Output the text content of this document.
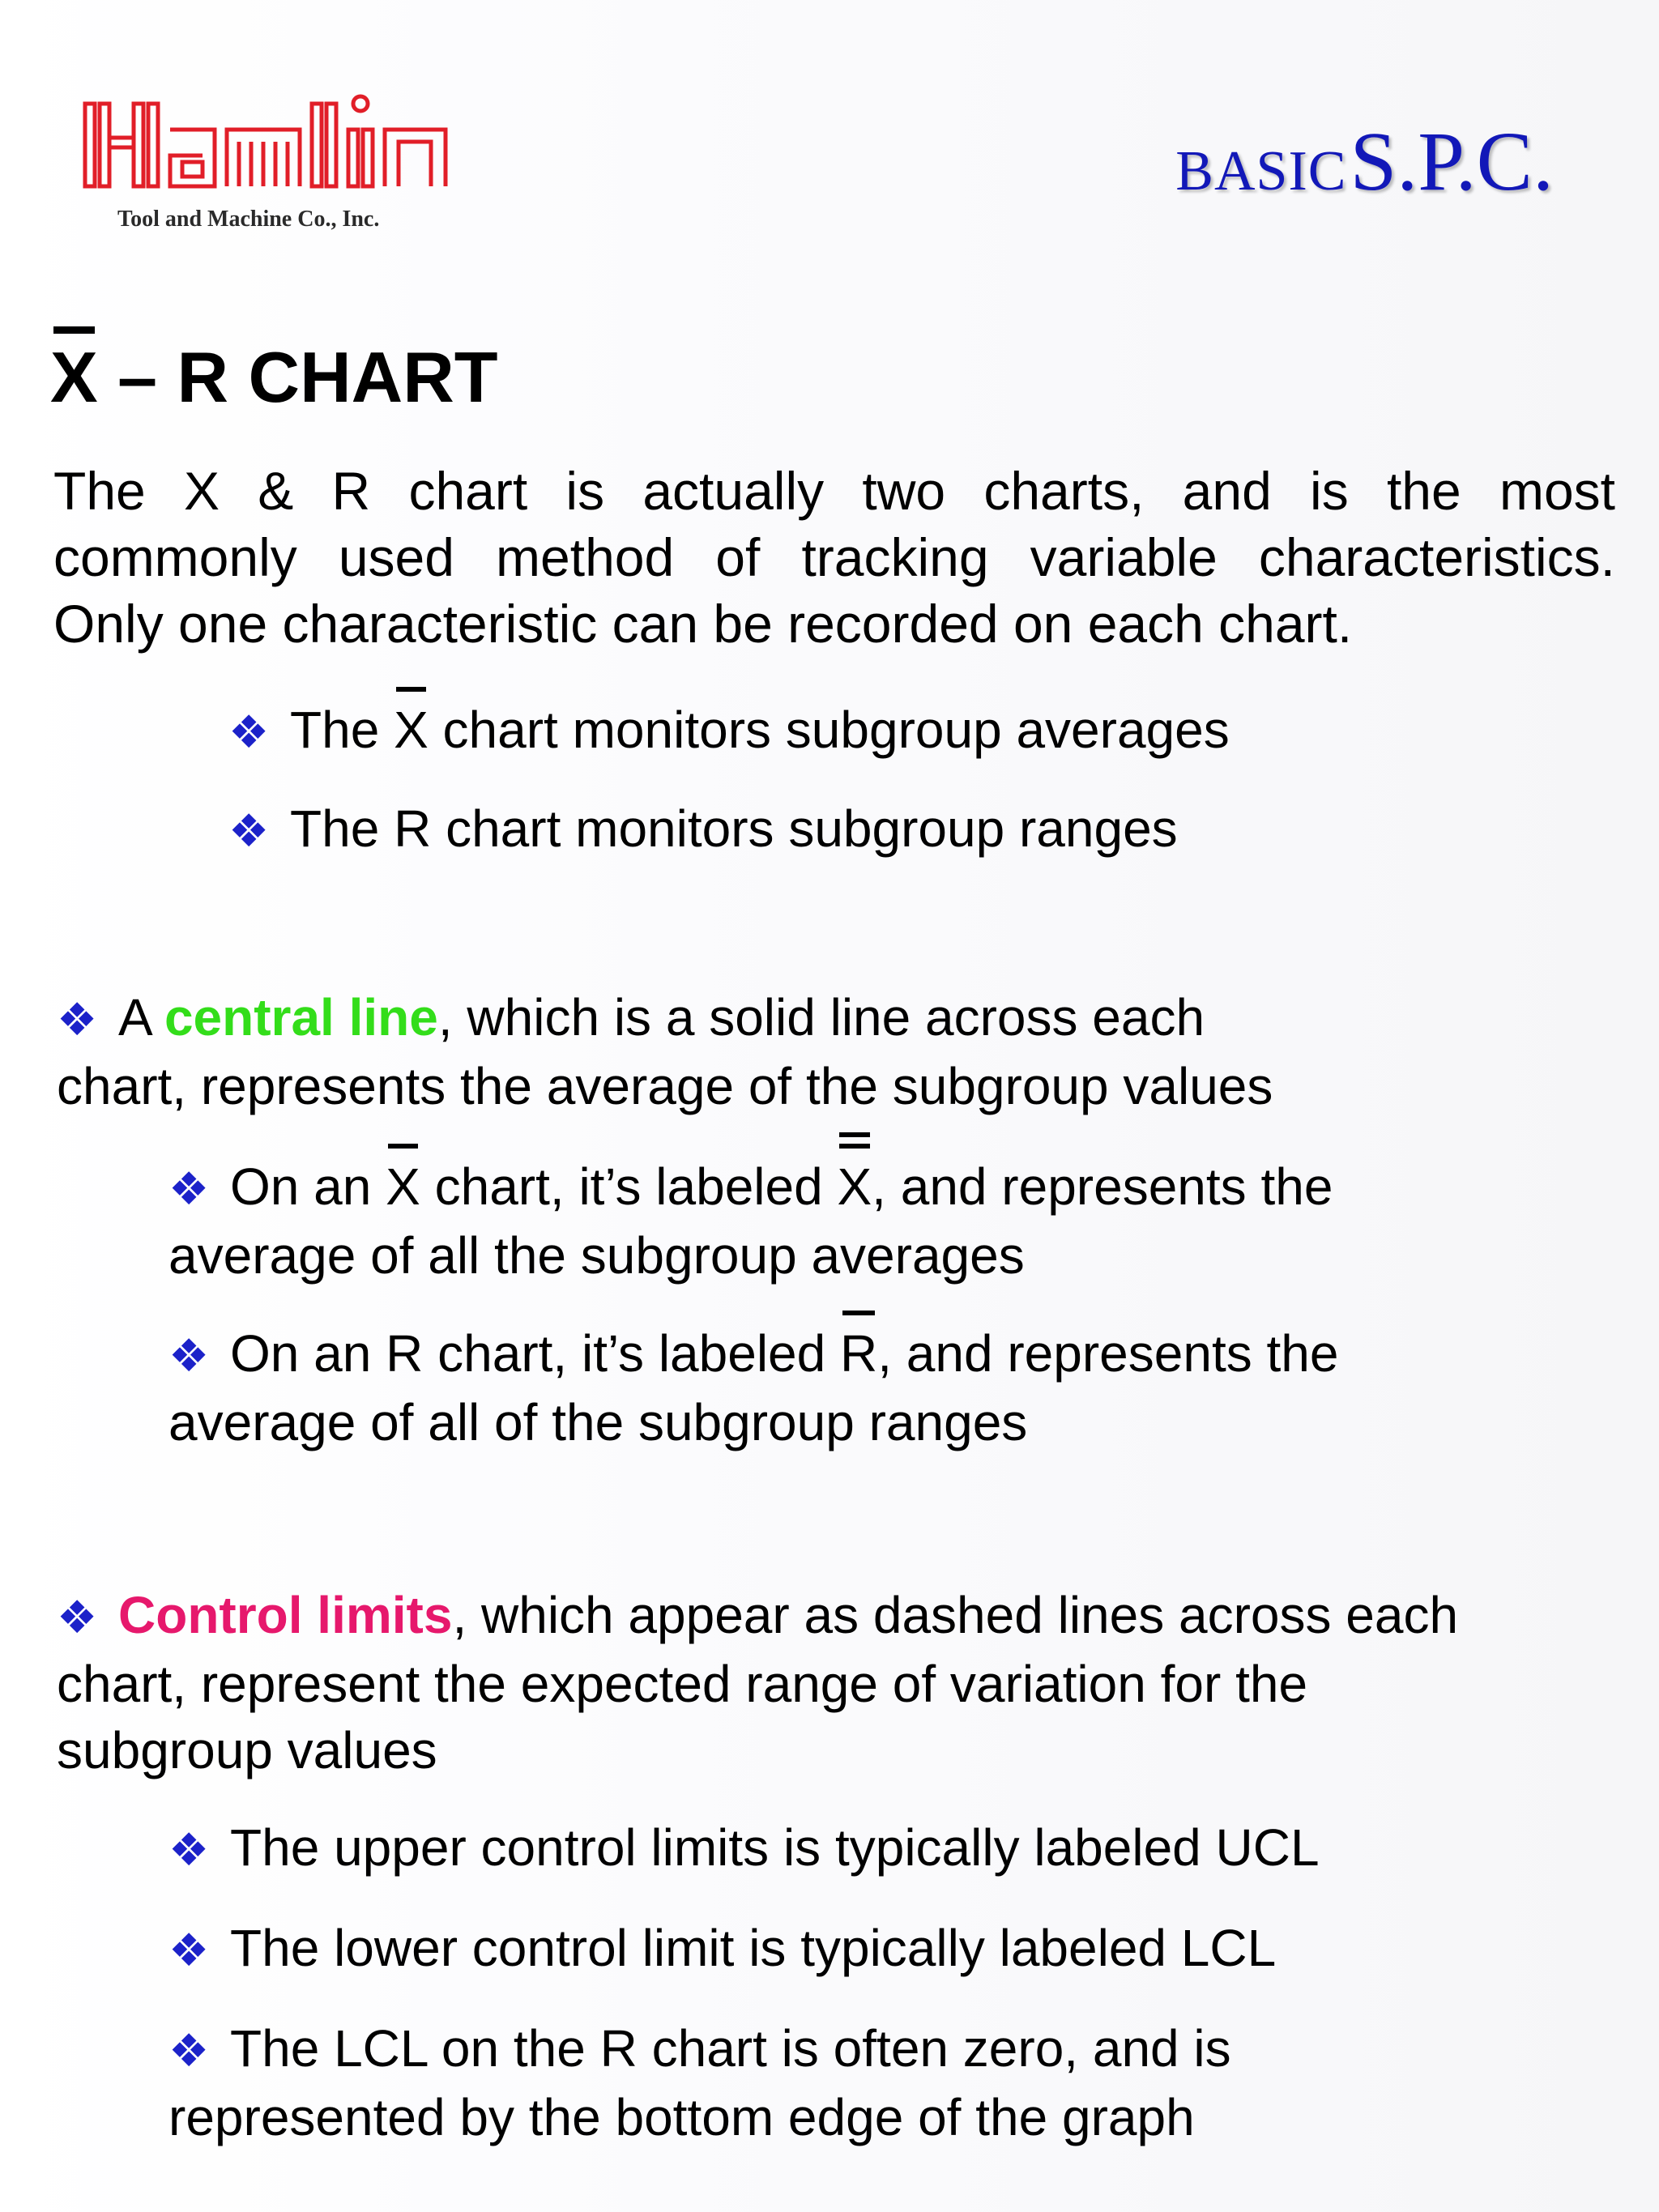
Hamlin
Tool and Machine Co., Inc.
BASIC S.P.C.
X – R CHART
The X & R chart is actually two charts, and is the most
commonly used method of tracking variable characteristics.
Only one characteristic can be recorded on each chart.
❖ The X chart monitors subgroup averages
❖ The R chart monitors subgroup ranges
❖ A central line, which is a solid line across each
chart, represents the average of the subgroup values
❖ On an X chart, it’s labeled X, and represents the
average of all the subgroup averages
❖ On an R chart, it’s labeled R, and represents the
average of all of the subgroup ranges
❖ Control limits, which appear as dashed lines across each
chart, represent the expected range of variation for the
subgroup values
❖ The upper control limits is typically labeled UCL
❖ The lower control limit is typically labeled LCL
❖ The LCL on the R chart is often zero, and is
represented by the bottom edge of the graph
